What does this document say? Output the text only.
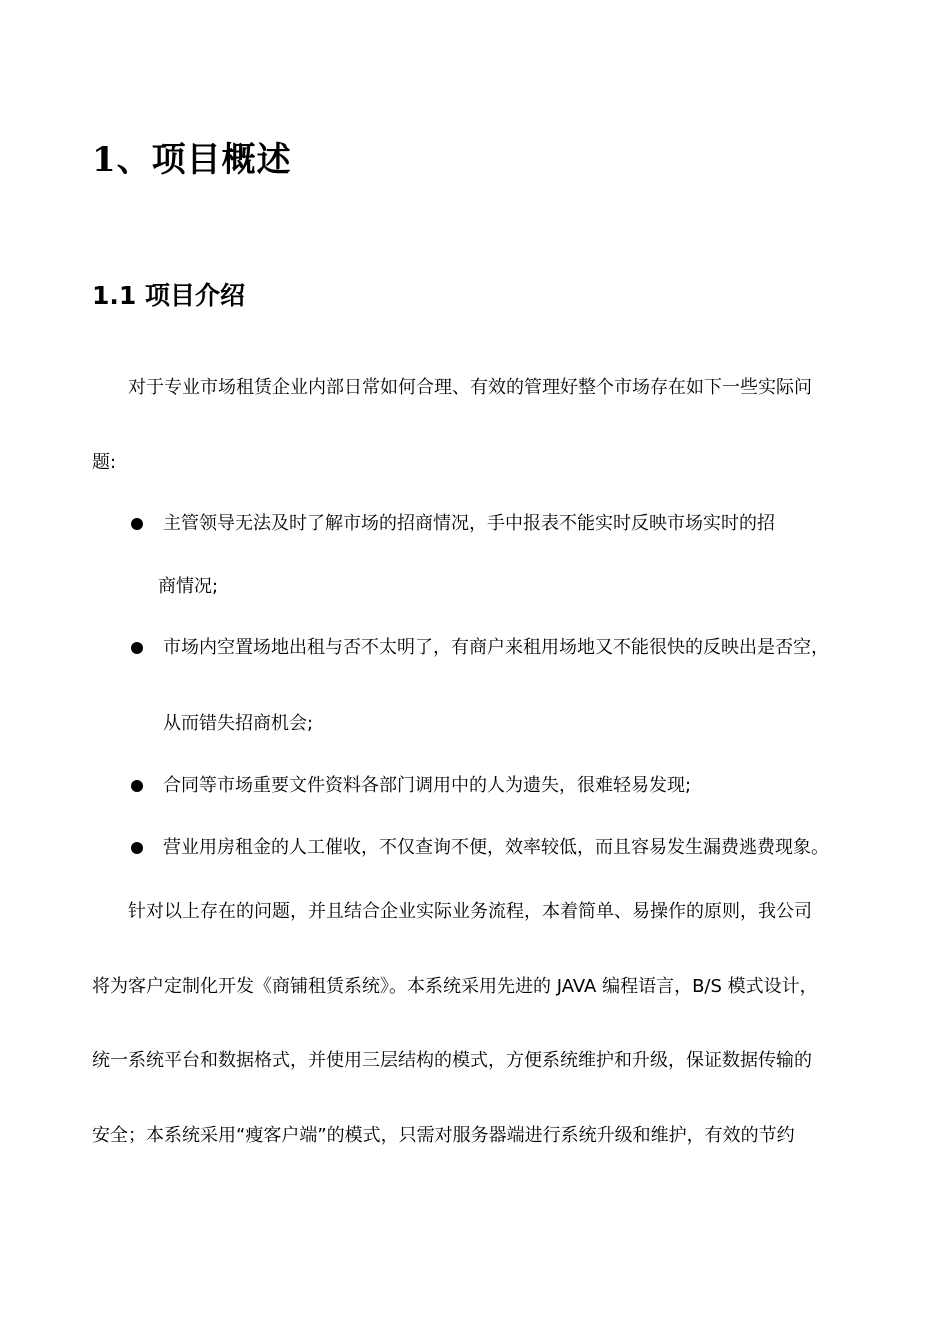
1、项目概述
1.1 项目介绍
对于专业市场租赁企业内部日常如何合理、有效的管理好整个市场存在如下一些实际问
题:
主管领导无法及时了解市场的招商情况，手中报表不能实时反映市场实时的招
商情况;
市场内空置场地出租与否不太明了，有商户来租用场地又不能很快的反映出是否空，
从而错失招商机会;
合同等市场重要文件资料各部门调用中的人为遗失，很难轻易发现;
营业用房租金的人工催收，不仅查询不便，效率较低，而且容易发生漏费逃费现象。
针对以上存在的问题，并且结合企业实际业务流程，本着简单、易操作的原则，我公司
将为客户定制化开发《商铺租赁系统》。本系统采用先进的 JAVA 编程语言，B/S 模式设计，
统一系统平台和数据格式，并使用三层结构的模式，方便系统维护和升级，保证数据传输的
安全；本系统采用“瘦客户端”的模式，只需对服务器端进行系统升级和维护，有效的节约
